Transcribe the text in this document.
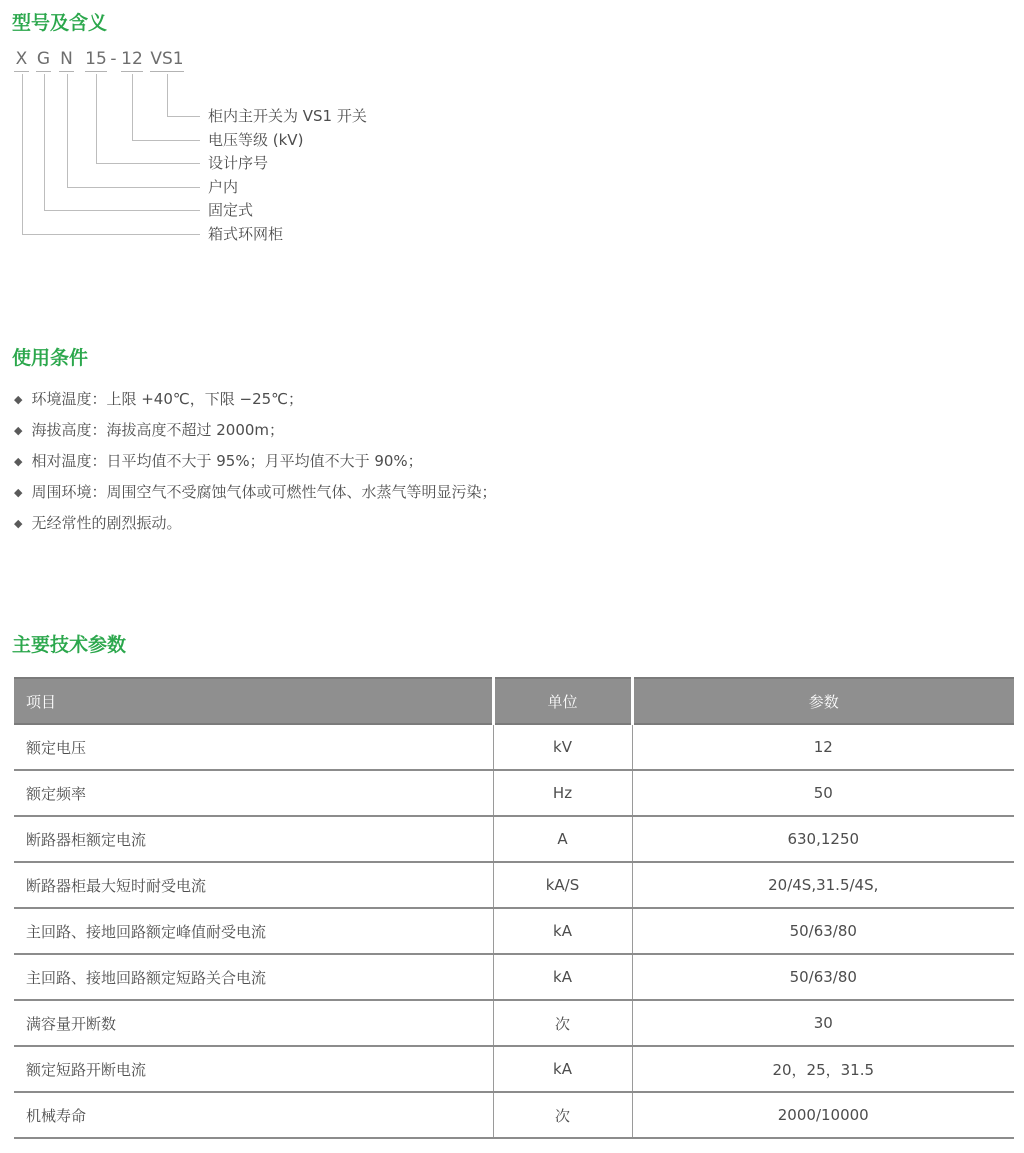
型号及含义
X G N 15 - 12 VS1
柜内主开关为 VS1 开关
电压等级 (kV)
设计序号
户内
固定式
箱式环网柜
使用条件
◆ 环境温度：上限 +40℃，下限 −25℃；
◆ 海拔高度：海拔高度不超过 2000m；
◆ 相对温度：日平均值不大于 95%；月平均值不大于 90%；
◆ 周围环境：周围空气不受腐蚀气体或可燃性气体、水蒸气等明显污染；
◆ 无经常性的剧烈振动。
主要技术参数
项目	单位	参数
额定电压	kV	12
额定频率	Hz	50
断路器柜额定电流	A	630,1250
断路器柜最大短时耐受电流	kA/S	20/4S,31.5/4S,
主回路、接地回路额定峰值耐受电流	kA	50/63/80
主回路、接地回路额定短路关合电流	kA	50/63/80
满容量开断数	次	30
额定短路开断电流	kA	20，25，31.5
机械寿命	次	2000/10000
